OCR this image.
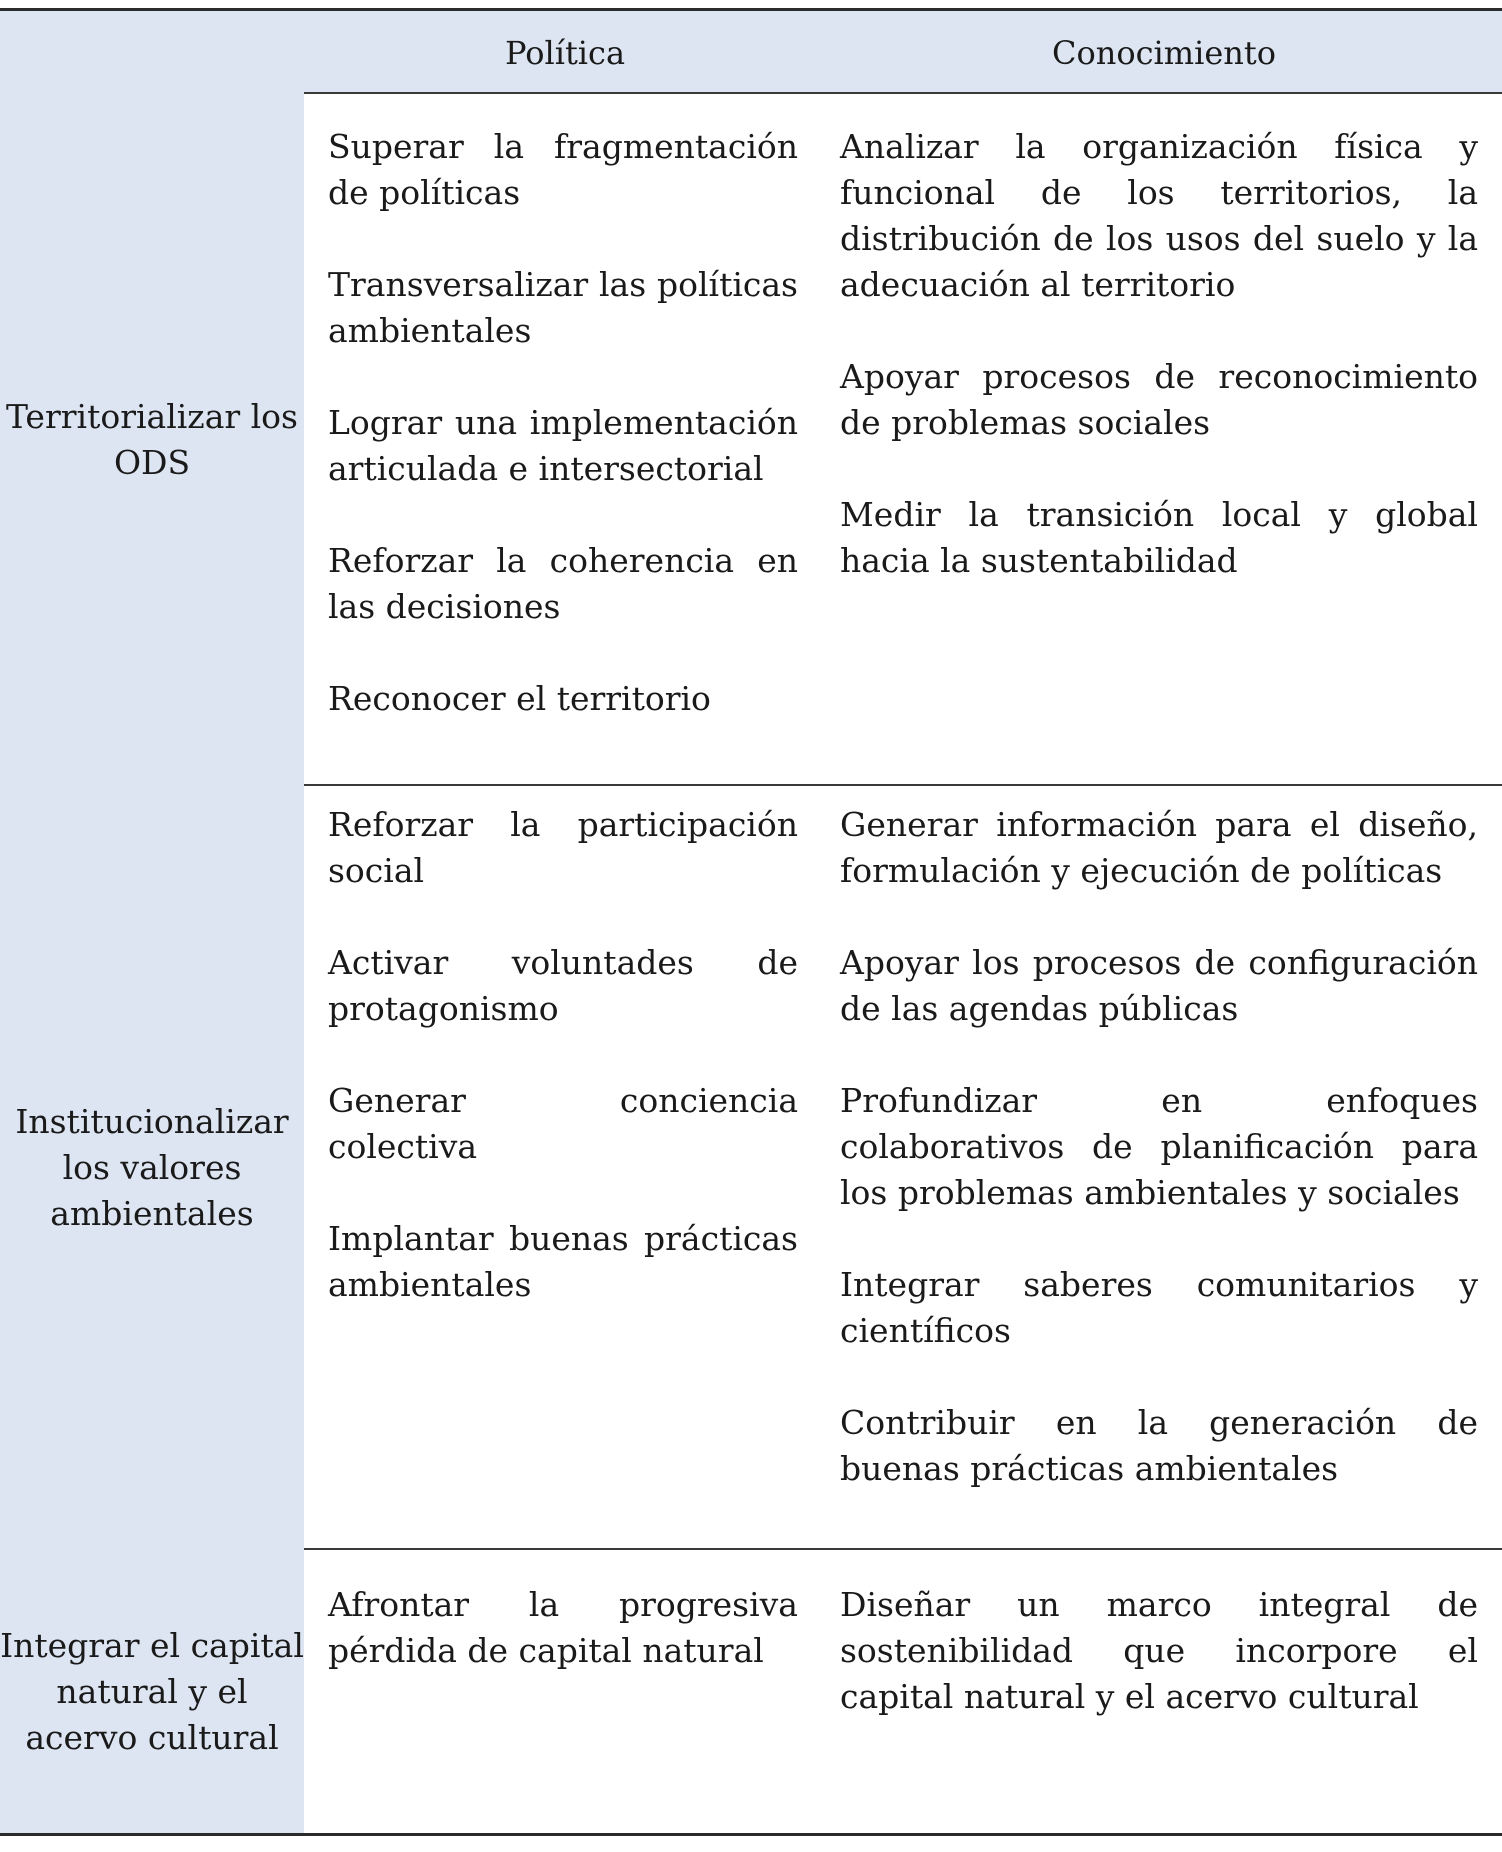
Política	Conocimiento
Territorializar los ODS

Superar la fragmentación de políticas

Transversalizar las políticas ambientales

Lograr una implementación articulada e intersectorial

Reforzar la coherencia en las decisiones

Reconocer el territorio

Analizar la organización física y funcional de los territorios, la distribución de los usos del suelo y la adecuación al territorio

Apoyar procesos de reconocimiento de problemas sociales

Medir la transición local y global hacia la sustentabilidad

Institucionalizar los valores ambientales

Reforzar la participación social

Activar voluntades de protagonismo

Generar conciencia colectiva

Implantar buenas prácticas ambientales

Generar información para el diseño, formulación y ejecución de políticas

Apoyar los procesos de configuración de las agendas públicas

Profundizar en enfoques colaborativos de planificación para los problemas ambientales y sociales

Integrar saberes comunitarios y científicos

Contribuir en la generación de buenas prácticas ambientales

Integrar el capital natural y el acervo cultural

Afrontar la progresiva pérdida de capital natural

Diseñar un marco integral de sostenibilidad que incorpore el capital natural y el acervo cultural
